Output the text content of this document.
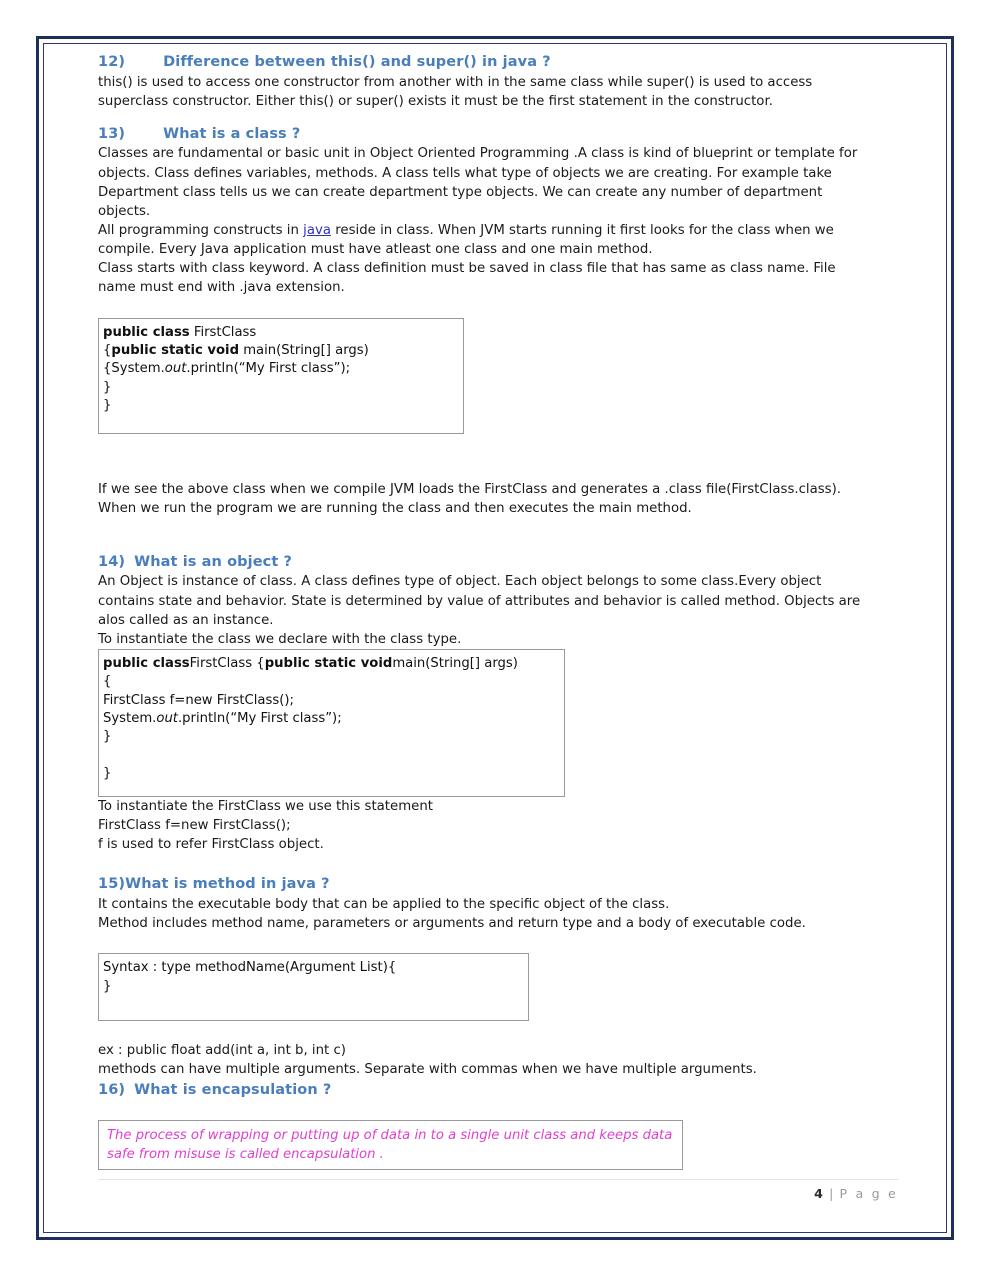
12)	Difference between this() and super() in java ?

this() is used to access one constructor from another with in the same class while super() is used to access superclass constructor. Either this() or super() exists it must be the first statement in the constructor.

13)	What is a class ?

Classes are fundamental or basic unit in Object Oriented Programming .A class is kind of blueprint or template for objects. Class defines variables, methods. A class tells what type of objects we are creating. For example take Department class tells us we can create department type objects. We can create any number of department objects.

All programming constructs in java reside in class. When JVM starts running it first looks for the class when we compile. Every Java application must have atleast one class and one main method.

Class starts with class keyword. A class definition must be saved in class file that has same as class name. File name must end with .java extension.

public class FirstClass
{public static void main(String[] args)
{System.out.println(“My First class”);
}
}

If we see the above class when we compile JVM loads the FirstClass and generates a .class file(FirstClass.class). When we run the program we are running the class and then executes the main method.

14) What is an object ?

An Object is instance of class. A class defines type of object. Each object belongs to some class.Every object contains state and behavior. State is determined by value of attributes and behavior is called method. Objects are alos called as an instance.

To instantiate the class we declare with the class type.

public classFirstClass {public static voidmain(String[] args)
{
FirstClass f=new FirstClass();
System.out.println(“My First class”);
}

}

To instantiate the FirstClass we use this statement

FirstClass f=new FirstClass();

f is used to refer FirstClass object.

15)What is method in java ?

It contains the executable body that can be applied to the specific object of the class.

Method includes method name, parameters or arguments and return type and a body of executable code.

Syntax : type methodName(Argument List){
}

ex : public float add(int a, int b, int c)

methods can have multiple arguments. Separate with commas when we have multiple arguments.

16) What is encapsulation ?
The process of wrapping or putting up of data in to a single unit class and keeps data safe from misuse is called encapsulation .
4 | P a g e
